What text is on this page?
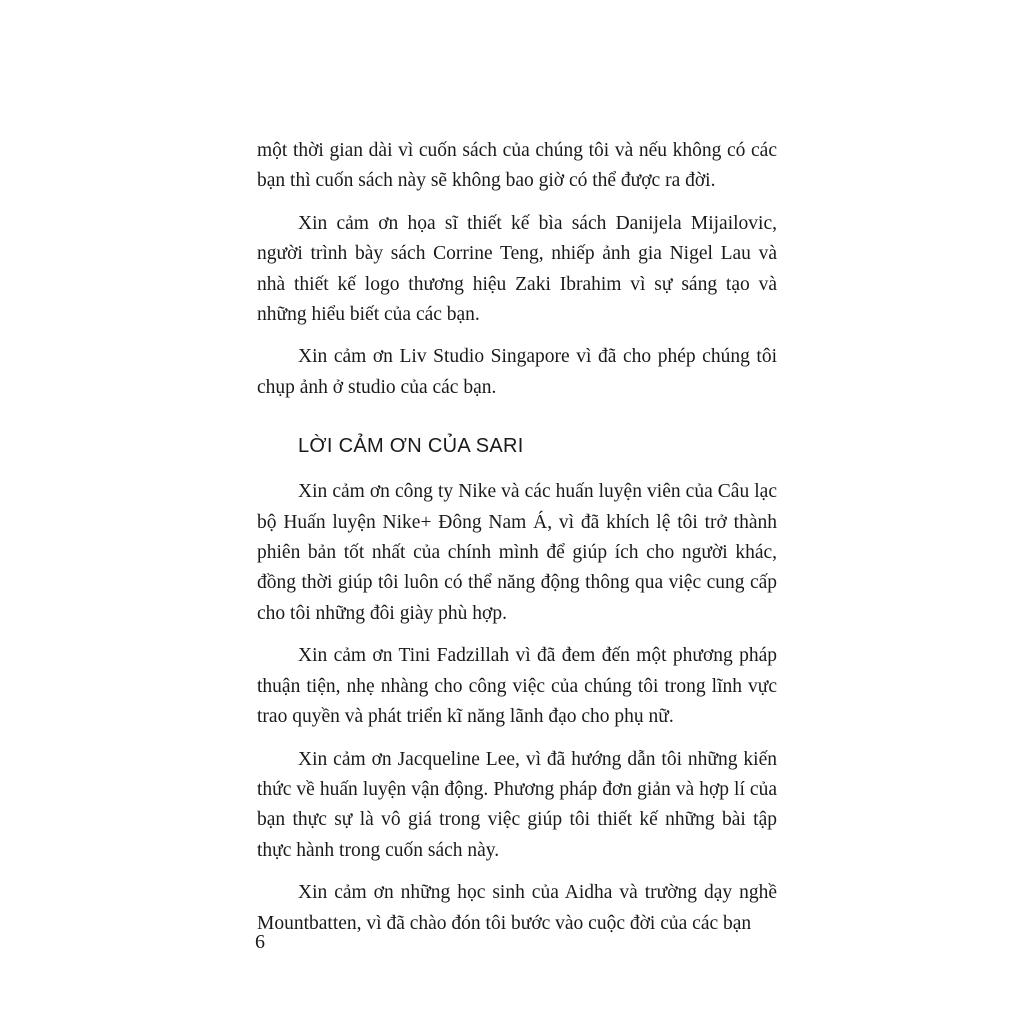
một thời gian dài vì cuốn sách của chúng tôi và nếu không có các bạn thì cuốn sách này sẽ không bao giờ có thể được ra đời.

Xin cảm ơn họa sĩ thiết kế bìa sách Danijela Mijailovic, người trình bày sách Corrine Teng, nhiếp ảnh gia Nigel Lau và nhà thiết kế logo thương hiệu Zaki Ibrahim vì sự sáng tạo và những hiểu biết của các bạn.

Xin cảm ơn Liv Studio Singapore vì đã cho phép chúng tôi chụp ảnh ở studio của các bạn.

LỜI CẢM ƠN CỦA SARI

Xin cảm ơn công ty Nike và các huấn luyện viên của Câu lạc bộ Huấn luyện Nike+ Đông Nam Á, vì đã khích lệ tôi trở thành phiên bản tốt nhất của chính mình để giúp ích cho người khác, đồng thời giúp tôi luôn có thể năng động thông qua việc cung cấp cho tôi những đôi giày phù hợp.

Xin cảm ơn Tini Fadzillah vì đã đem đến một phương pháp thuận tiện, nhẹ nhàng cho công việc của chúng tôi trong lĩnh vực trao quyền và phát triển kĩ năng lãnh đạo cho phụ nữ.

Xin cảm ơn Jacqueline Lee, vì đã hướng dẫn tôi những kiến thức về huấn luyện vận động. Phương pháp đơn giản và hợp lí của bạn thực sự là vô giá trong việc giúp tôi thiết kế những bài tập thực hành trong cuốn sách này.

Xin cảm ơn những học sinh của Aidha và trường dạy nghề Mountbatten, vì đã chào đón tôi bước vào cuộc đời của các bạn

6
